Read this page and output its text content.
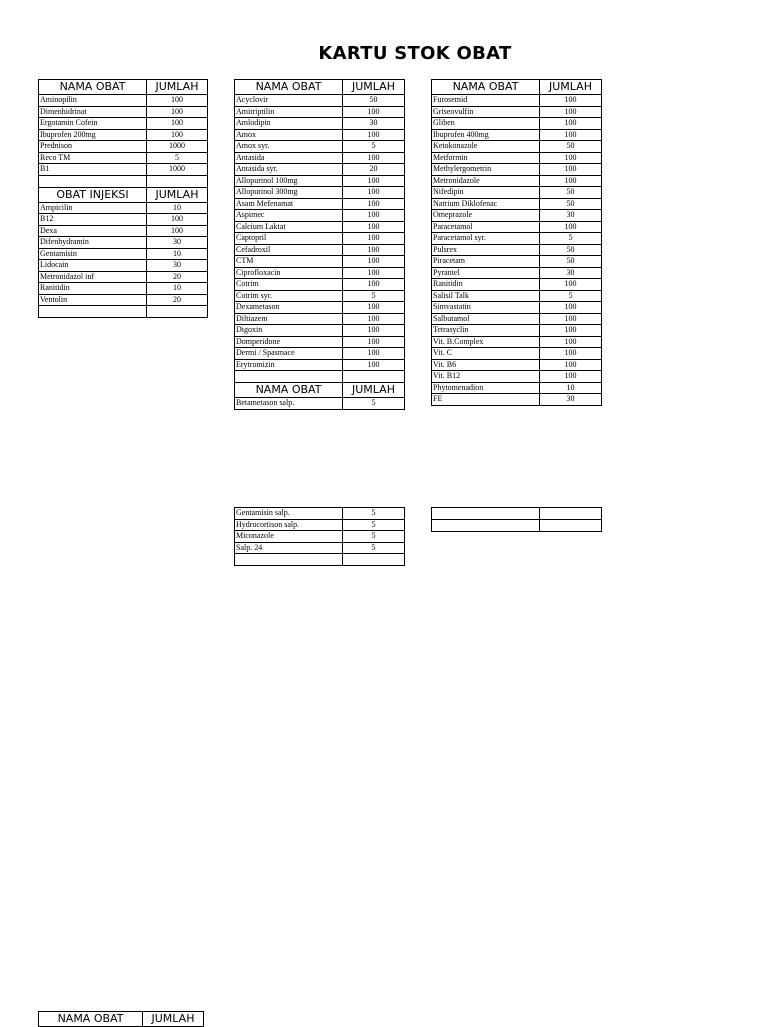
KARTU STOK OBAT
NAMA OBAT	JUMLAH
Aminopilin	100
Dimenhidrinat	100
Ergotamin Cofein	100
Ibuprofen 200mg	100
Prednison	1000
Reco TM	5
B1	1000

OBAT INJEKSI	JUMLAH
Ampicilin	10
B12	100
Dexa	100
Difenhydramin	30
Gentamisin	10
Lidocain	30
Metronidazol inf	20
Ranitidin	10
Ventolin	20

NAMA OBAT	JUMLAH
Acyclovir	50
Amitriptilin	100
Amlodipin	30
Amox	100
Amox syr.	5
Antasida	100
Antasida syr.	20
Allopurinol 100mg	100
Allopurinol 300mg	100
Asam Mefenamat	100
Aspimec	100
Calcium Laktat	100
Captopril	100
Cefadroxil	100
CTM	100
Ciprofloxacin	100
Cotrim	100
Cotrim syr.	5
Dexametason	100
Diltiazem	100
Digoxin	100
Domperidone	100
Dermi / Spasmace	100
Erytromizin	100

NAMA OBAT	JUMLAH
Betametason salp.	5
Gentamisin salp.	5
Hydrocortison salp.	5
Miconazole	5
Salp. 24	5

NAMA OBAT	JUMLAH
Furosemid	100
Griseovulfin	100
Gliben	100
Ibuprofen 400mg	100
Ketokonazole	50
Metformin	100
Methylergometrin	100
Metronidazole	100
Nifedipin	50
Natrium Diklofenac	50
Omeprazole	30
Paracetamol	100
Paracetamol syr.	5
Pulsrex	50
Piracetam	50
Pyrantel	30
Ranitidin	100
Salisil Talk	5
Simvastatin	100
Salbutamol	100
Tetrasyclin	100
Vit. B.Complex	100
Vit. C	100
Vit. B6	100
Vit. B12	100
Phytomenadion	10
FE	30

NAMA OBAT	JUMLAH
